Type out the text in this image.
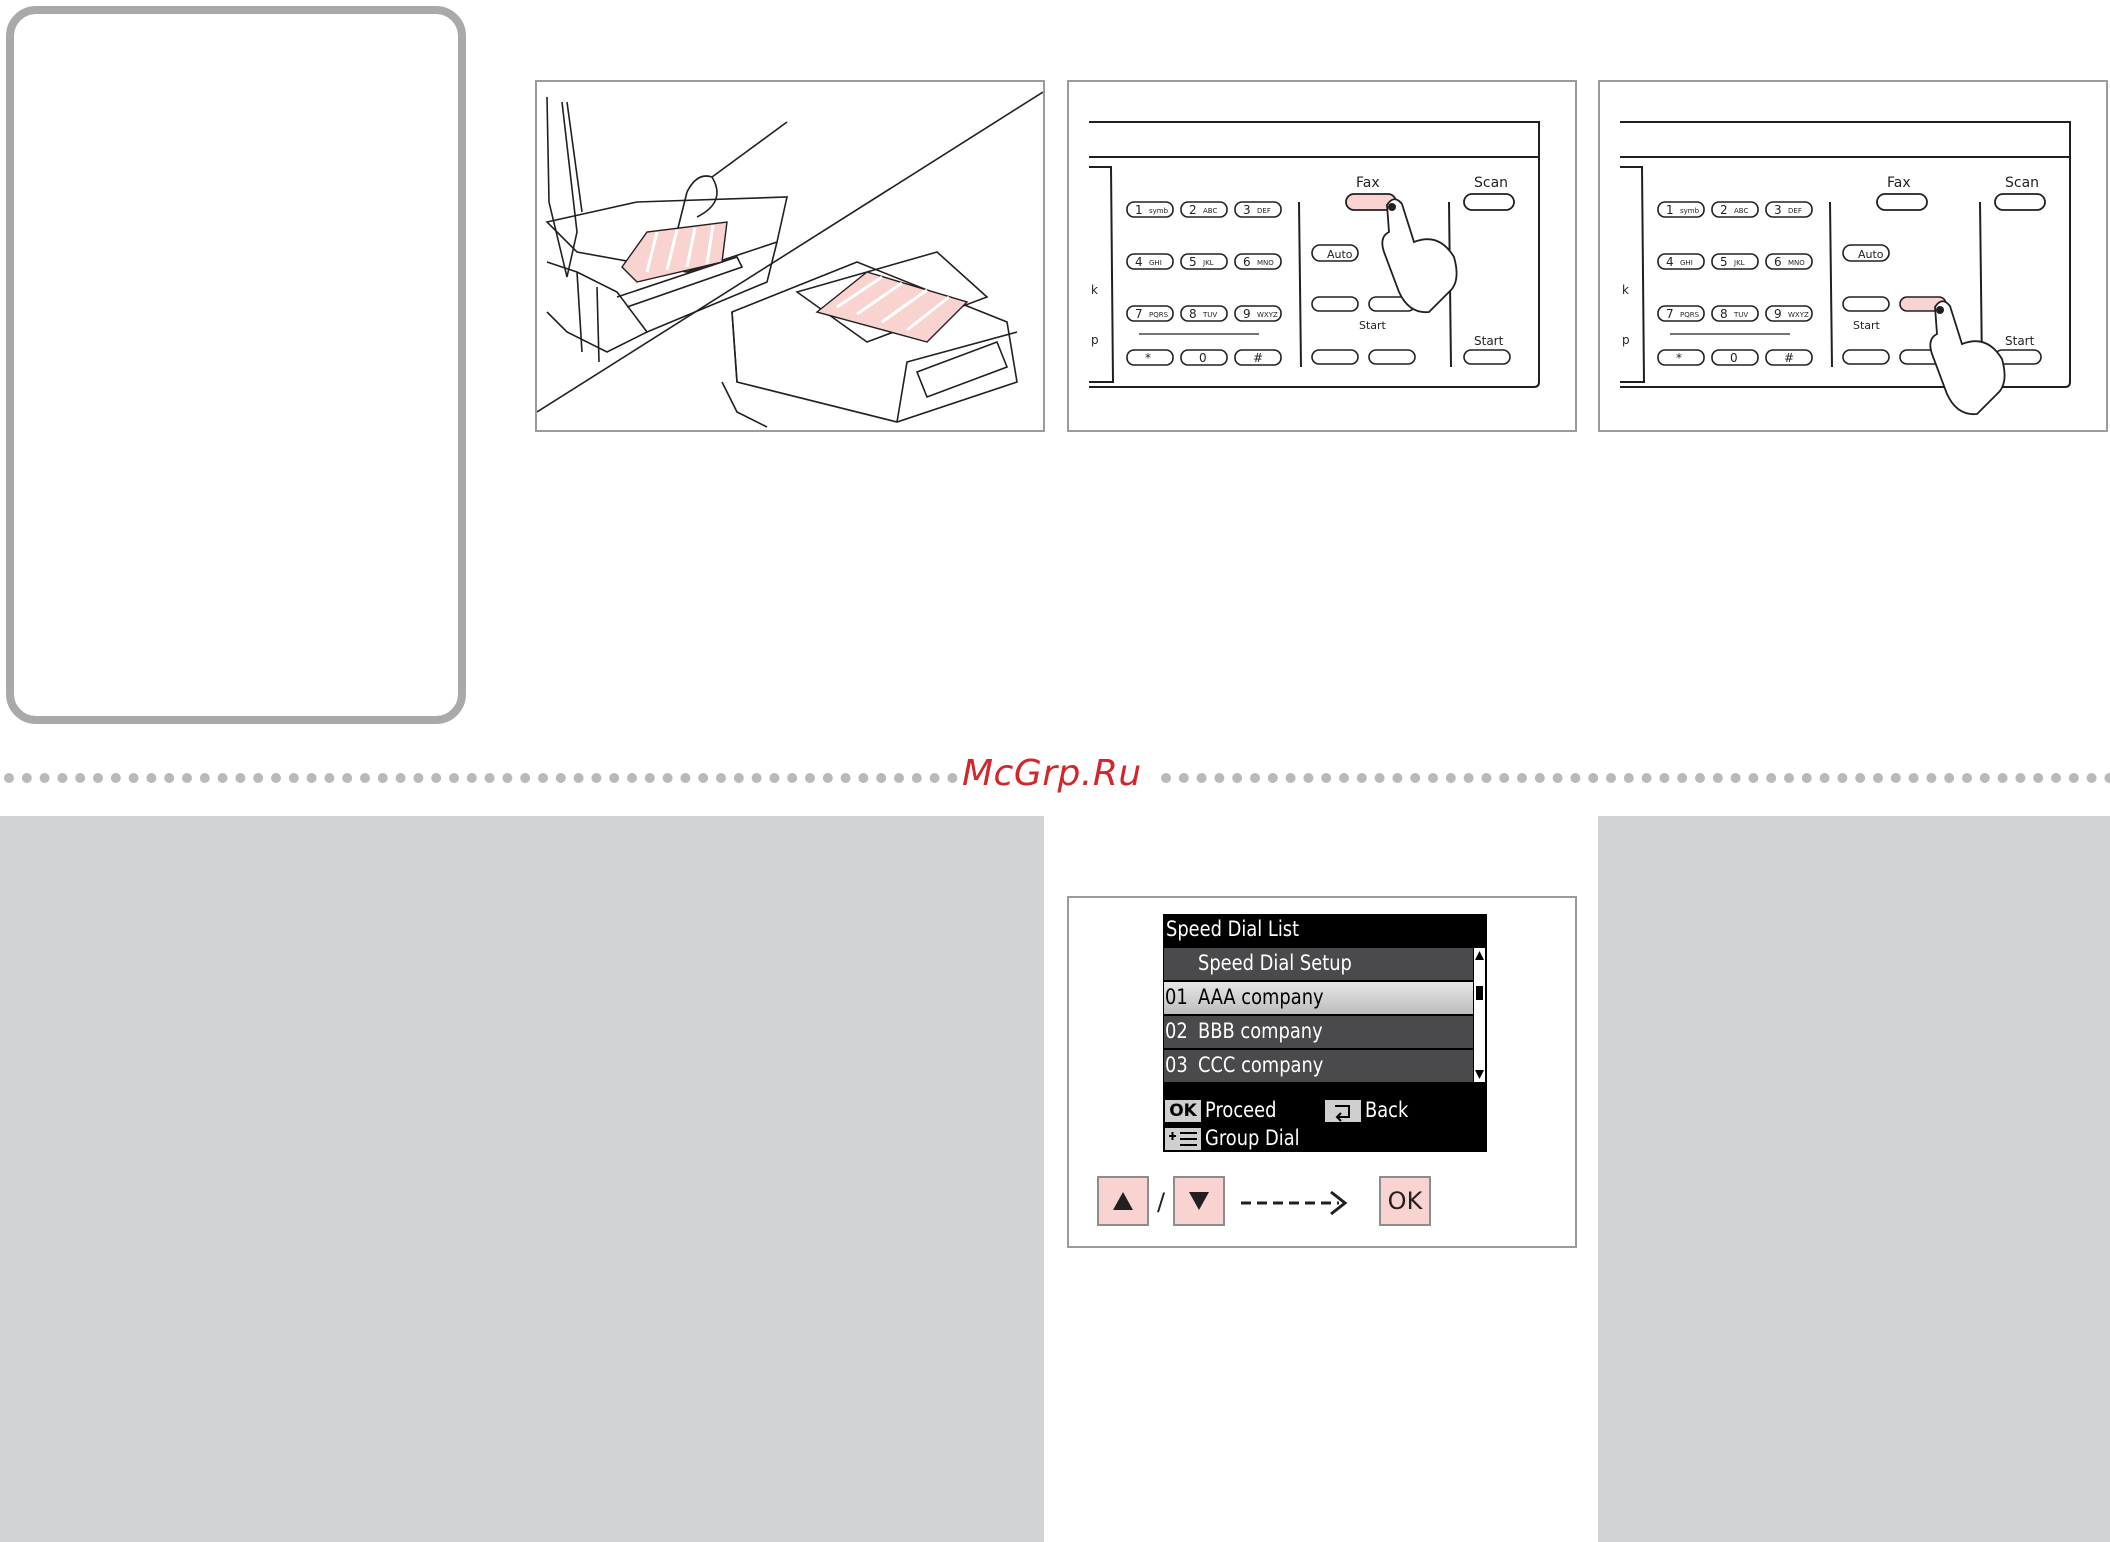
1 symb 2 ABC 3 DEF
4 GHI 5 JKL 6 MNO
7 PQRS 8 TUV 9 WXYZ
*	0	#
k
p
Fax	Scan
Start
Start
Auto
1 symb 2 ABC 3 DEF
4 GHI 5 JKL 6 MNO
7 PQRS 8 TUV 9 WXYZ
*	0	#
k
p
Fax	Scan
Start
Start
Auto
McGrp.Ru
Speed Dial List
Speed Dial Setup
01 AAA company
02 BBB company
03 CCC company
OK Proceed	Back
Group Dial
/	OK
